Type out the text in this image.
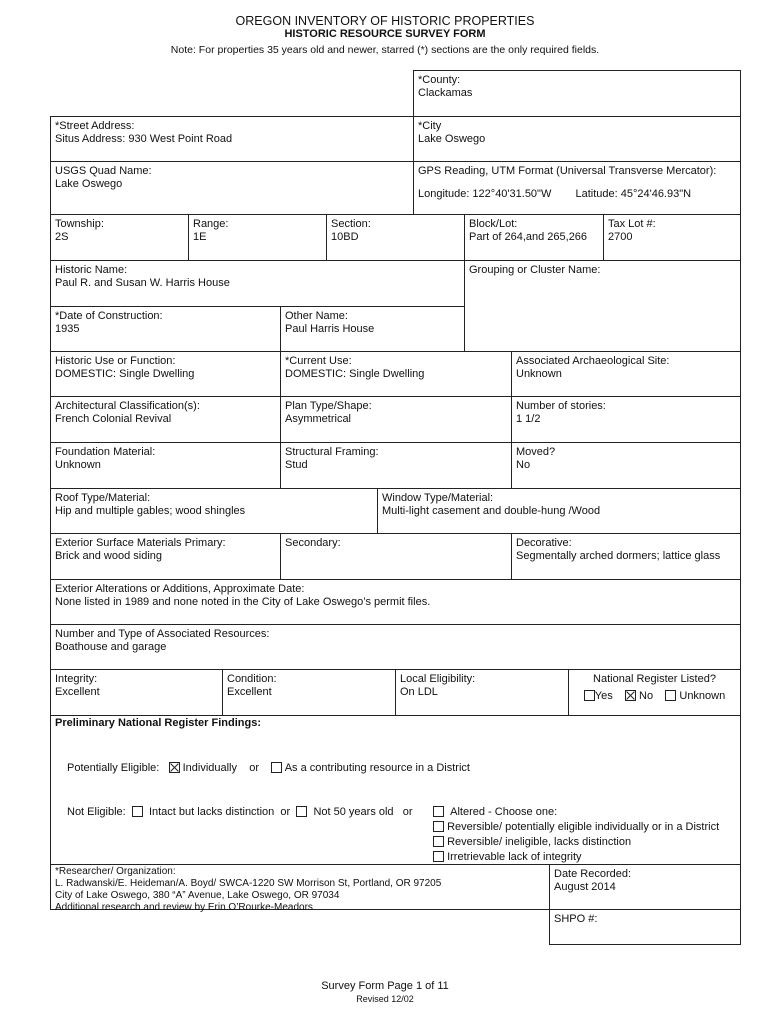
OREGON INVENTORY OF HISTORIC PROPERTIES
HISTORIC RESOURCE SURVEY FORM
Note: For properties 35 years old and newer, starred (*) sections are the only required fields.
*County:
Clackamas
*Street Address:
Situs Address: 930 West Point Road
*City
Lake Oswego
USGS Quad Name:
Lake Oswego
GPS Reading, UTM Format (Universal Transverse Mercator):
Longitude: 122°40'31.50"W Latitude: 45°24'46.93"N
Township:
2S
Range:
1E
Section:
10BD
Block/Lot:
Part of 264,and 265,266
Tax Lot #:
2700
Historic Name:
Paul R. and Susan W. Harris House
Grouping or Cluster Name:
*Date of Construction:
1935
Other Name:
Paul Harris House
Historic Use or Function:
DOMESTIC: Single Dwelling
*Current Use:
DOMESTIC: Single Dwelling
Associated Archaeological Site:
Unknown
Architectural Classification(s):
French Colonial Revival
Plan Type/Shape:
Asymmetrical
Number of stories:
1 1/2
Foundation Material:
Unknown
Structural Framing:
Stud
Moved?
No
Roof Type/Material:
Hip and multiple gables; wood shingles
Window Type/Material:
Multi-light casement and double-hung /Wood
Exterior Surface Materials Primary:
Brick and wood siding
Secondary:	Decorative:
Segmentally arched dormers; lattice glass
Exterior Alterations or Additions, Approximate Date:
None listed in 1989 and none noted in the City of Lake Oswego’s permit files.
Number and Type of Associated Resources:
Boathouse and garage
Integrity:
Excellent
Condition:
Excellent
Local Eligibility:
On LDL
National Register Listed?
Yes No Unknown
Preliminary National Register Findings:
Potentially Eligible: Individually or As a contributing resource in a District
Not Eligible: Intact but lacks distinction or Not 50 years old or	Altered - Choose one:
Reversible/ potentially eligible individually or in a District
Reversible/ ineligible, lacks distinction
Irretrievable lack of integrity
*Researcher/ Organization:
L. Radwanski/E. Heideman/A. Boyd/ SWCA-1220 SW Morrison St, Portland, OR 97205
City of Lake Oswego, 380 “A” Avenue, Lake Oswego, OR 97034
Additional research and review by Erin O’Rourke-Meadors
Date Recorded:
August 2014
SHPO #:
Survey Form Page 1 of 11
Revised 12/02
